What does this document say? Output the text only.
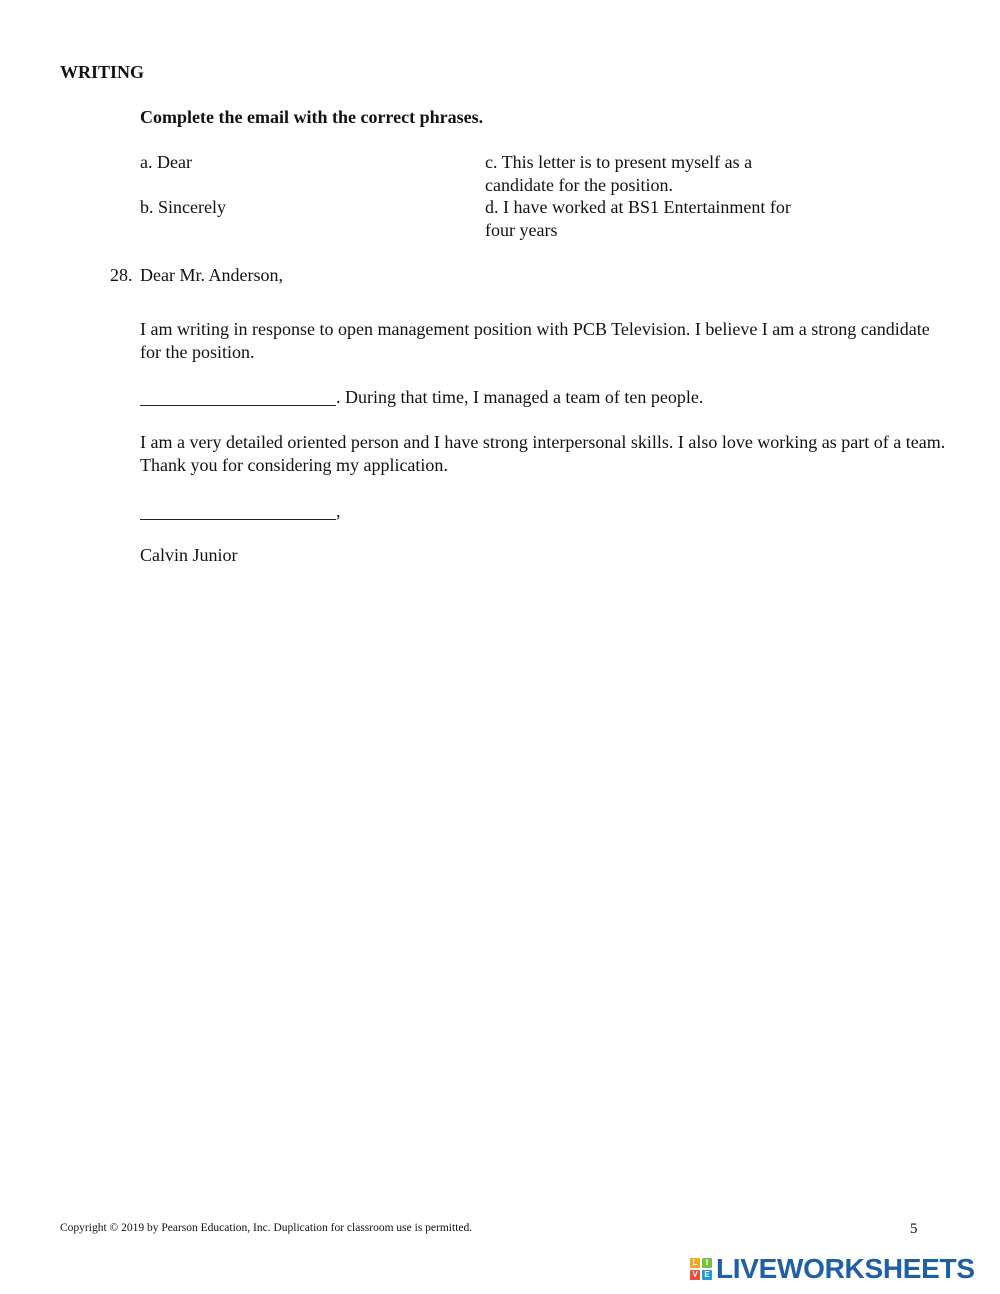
WRITING
Complete the email with the correct phrases.
a. Dear
b. Sincerely
c. This letter is to present myself as a candidate for the position.
d. I have worked at BS1 Entertainment for four years
28. Dear Mr. Anderson,
I am writing in response to open management position with PCB Television. I believe I am a strong candidate for the position.
. During that time, I managed a team of ten people.
I am a very detailed oriented person and I have strong interpersonal skills. I also love working as part of a team. Thank you for considering my application.
,
Calvin Junior
Copyright © 2019 by Pearson Education, Inc. Duplication for classroom use is permitted.	5
L	I
V E LIVEWORKSHEETS
